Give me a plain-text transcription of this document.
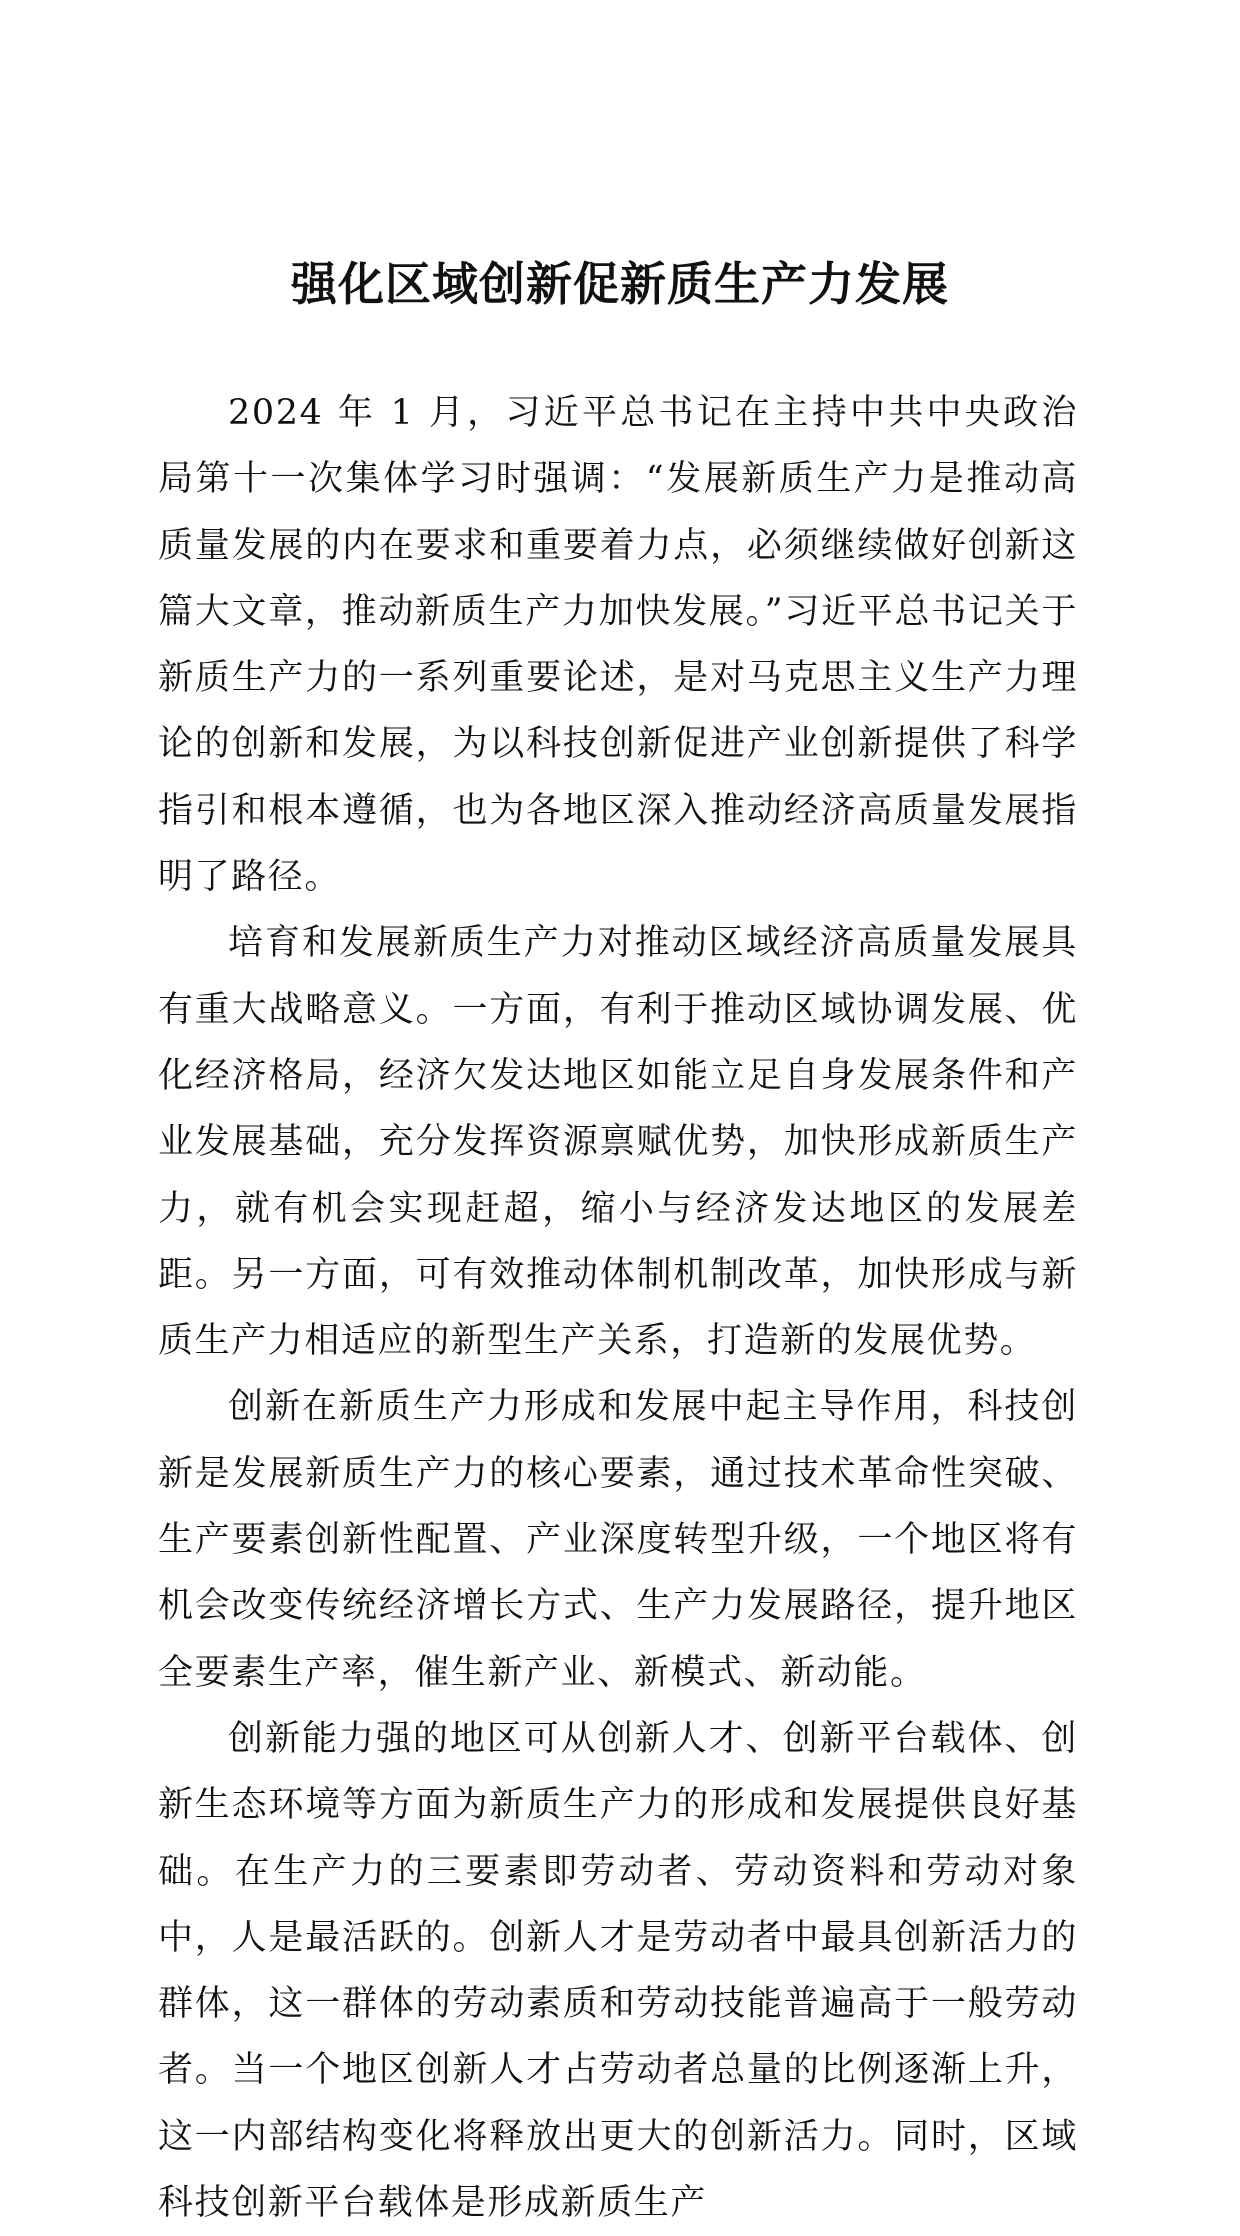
强化区域创新促新质生产力发展

2024 年 1 月，习近平总书记在主持中共中央政治局第十一次集体学习时强调：“发展新质生产力是推动高质量发展的内在要求和重要着力点，必须继续做好创新这篇大文章，推动新质生产力加快发展。”习近平总书记关于新质生产力的一系列重要论述，是对马克思主义生产力理论的创新和发展，为以科技创新促进产业创新提供了科学指引和根本遵循，也为各地区深入推动经济高质量发展指明了路径。

培育和发展新质生产力对推动区域经济高质量发展具有重大战略意义。一方面，有利于推动区域协调发展、优化经济格局，经济欠发达地区如能立足自身发展条件和产业发展基础，充分发挥资源禀赋优势，加快形成新质生产力，就有机会实现赶超，缩小与经济发达地区的发展差距。另一方面，可有效推动体制机制改革，加快形成与新质生产力相适应的新型生产关系，打造新的发展优势。

创新在新质生产力形成和发展中起主导作用，科技创新是发展新质生产力的核心要素，通过技术革命性突破、生产要素创新性配置、产业深度转型升级，一个地区将有机会改变传统经济增长方式、生产力发展路径，提升地区全要素生产率，催生新产业、新模式、新动能。

创新能力强的地区可从创新人才、创新平台载体、创新生态环境等方面为新质生产力的形成和发展提供良好基础。在生产力的三要素即劳动者、劳动资料和劳动对象中，人是最活跃的。创新人才是劳动者中最具创新活力的群体，这一群体的劳动素质和劳动技能普遍高于一般劳动者。当一个地区创新人才占劳动者总量的比例逐渐上升，这一内部结构变化将释放出更大的创新活力。同时，区域科技创新平台载体是形成新质生产
